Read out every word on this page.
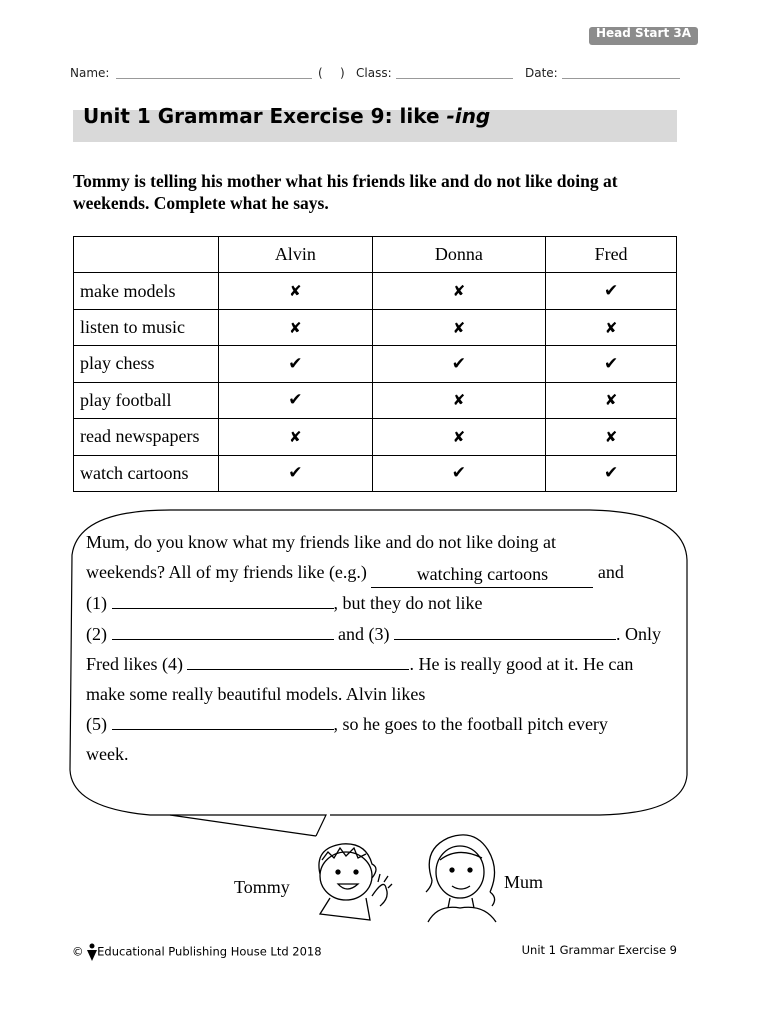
Head Start 3A
Name:	( ) Class:	Date:
Unit 1 Grammar Exercise 9: like -ing
Tommy is telling his mother what his friends like and do not like doing at weekends. Complete what he says.
	Alvin	Donna	Fred
make models	✘	✘	✔
listen to music	✘	✘	✘
play chess	✔	✔	✔
play football	✔	✘	✘
read newspapers	✘	✘	✘
watch cartoons	✔	✔	✔

Mum, do you know what my friends like and do not like doing at

weekends? All of my friends like (e.g.)	watching cartoons	and

(1)	, but they do not like

(2)	and (3)	. Only

Fred likes (4)	. He is really good at it. He can

make some really beautiful models. Alvin likes

(5)	, so he goes to the football pitch every

week.

Tommy	Mum
© Educational Publishing House Ltd 2018	Unit 1 Grammar Exercise 9
